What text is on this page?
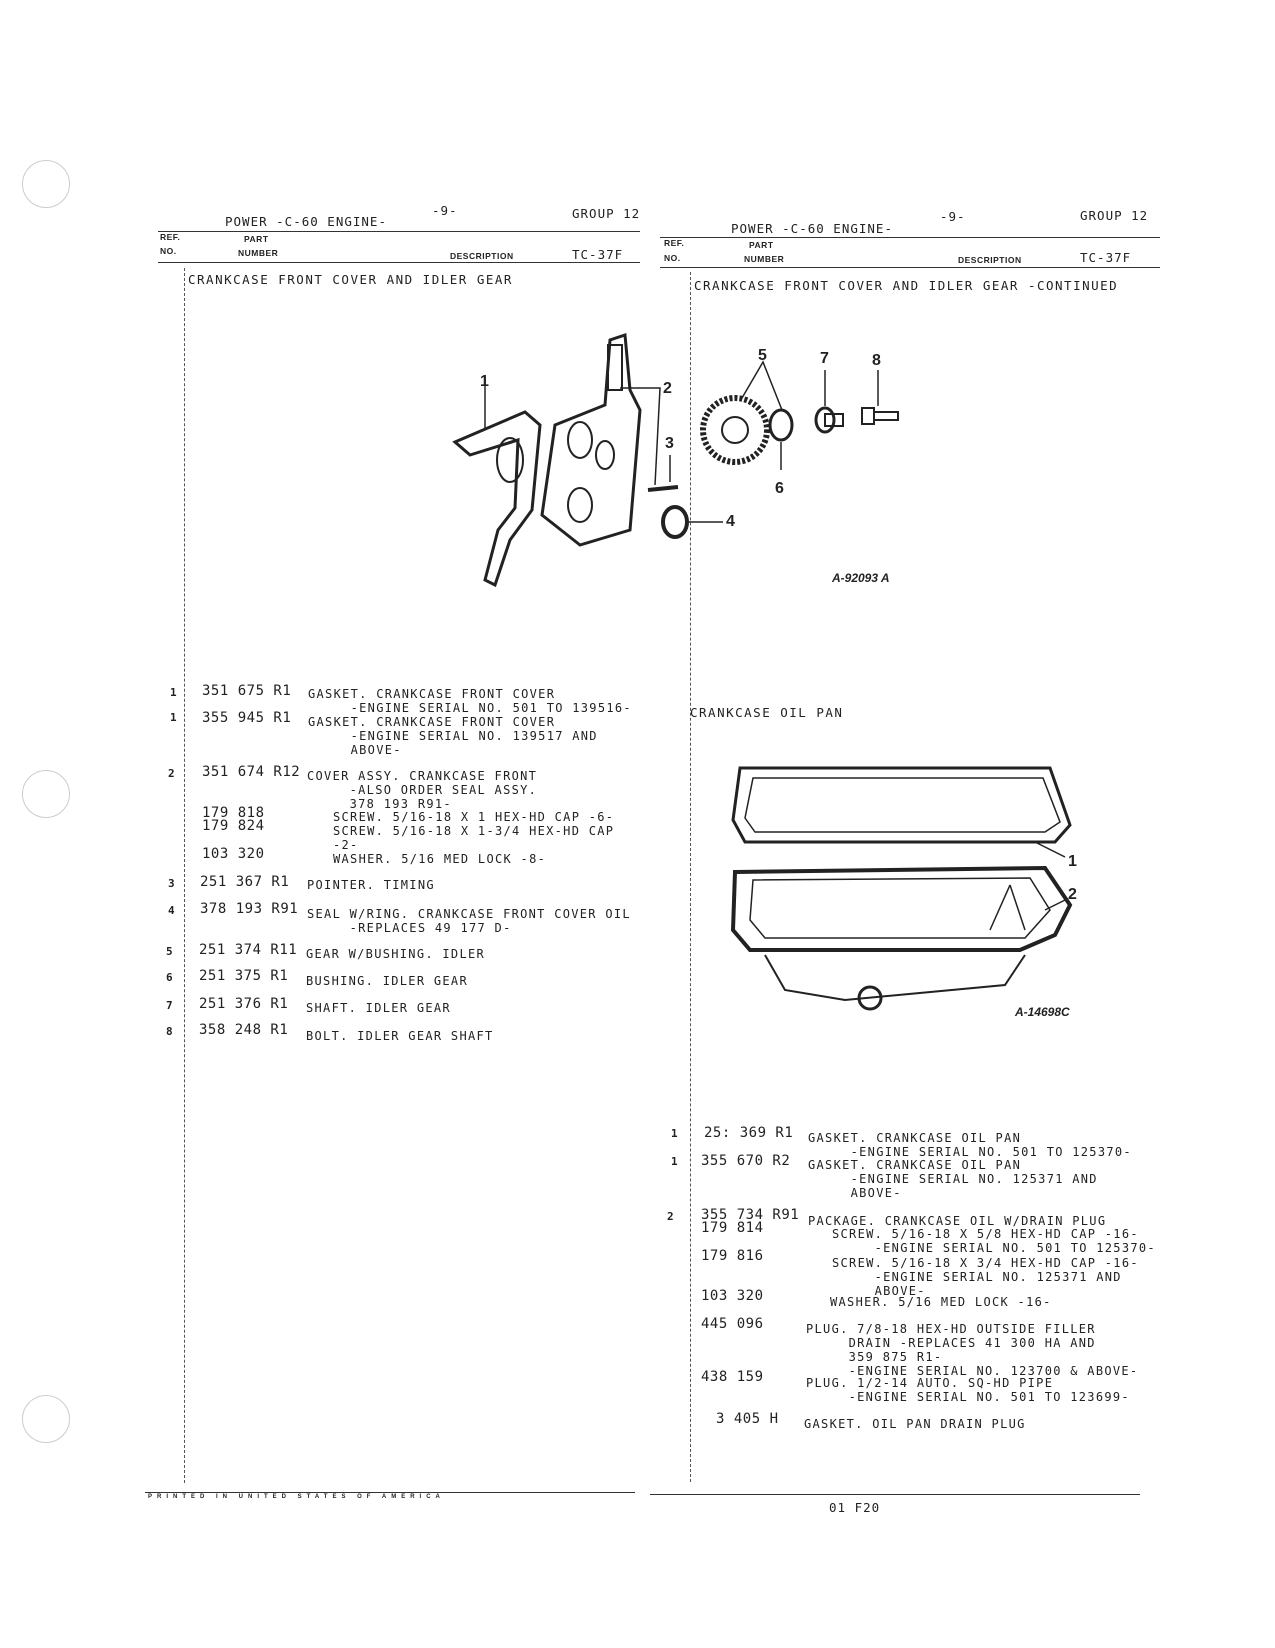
POWER -C-60 ENGINE-
-9-	GROUP 12
REF.
NO.
PART
NUMBER	DESCRIPTION	TC-37F
CRANKCASE FRONT COVER AND IDLER GEAR
1	2
3
4
5
6
7	8
A-92093 A
1 351 675 R1 GASKET. CRANKCASE FRONT COVER
-ENGINE SERIAL NO. 501 TO 139516-
1 355 945 R1 GASKET. CRANKCASE FRONT COVER
-ENGINE SERIAL NO. 139517 AND
ABOVE-
2 351 674 R12 COVER ASSY. CRANKCASE FRONT
-ALSO ORDER SEAL ASSY.
378 193 R91-
179 818	SCREW. 5/16-18 X 1 HEX-HD CAP -6-
179 824	SCREW. 5/16-18 X 1-3/4 HEX-HD CAP
-2-
103 320	WASHER. 5/16 MED LOCK -8-
3 251 367 R1 POINTER. TIMING
4 378 193 R91 SEAL W/RING. CRANKCASE FRONT COVER OIL
-REPLACES 49 177 D-
5 251 374 R11 GEAR W/BUSHING. IDLER
6 251 375 R1 BUSHING. IDLER GEAR
7 251 376 R1 SHAFT. IDLER GEAR
8 358 248 R1 BOLT. IDLER GEAR SHAFT
POWER -C-60 ENGINE-
-9-	GROUP 12
REF.
NO.
PART
NUMBER	DESCRIPTION	TC-37F
CRANKCASE FRONT COVER AND IDLER GEAR -CONTINUED
CRANKCASE OIL PAN
1
2
A-14698C
1 25: 369 R1 GASKET. CRANKCASE OIL PAN
-ENGINE SERIAL NO. 501 TO 125370-
1 355 670 R2 GASKET. CRANKCASE OIL PAN
-ENGINE SERIAL NO. 125371 AND
ABOVE-
2 355 734 R91 PACKAGE. CRANKCASE OIL W/DRAIN PLUG
179 814	SCREW. 5/16-18 X 5/8 HEX-HD CAP -16-
-ENGINE SERIAL NO. 501 TO 125370-
179 816	SCREW. 5/16-18 X 3/4 HEX-HD CAP -16-
-ENGINE SERIAL NO. 125371 AND
ABOVE-
103 320	WASHER. 5/16 MED LOCK -16-
445 096	PLUG. 7/8-18 HEX-HD OUTSIDE FILLER
DRAIN -REPLACES 41 300 HA AND
359 875 R1-
-ENGINE SERIAL NO. 123700 & ABOVE-
438 159	PLUG. 1/2-14 AUTO. SQ-HD PIPE
-ENGINE SERIAL NO. 501 TO 123699-
3 405 H GASKET. OIL PAN DRAIN PLUG
PRINTED IN UNITED STATES OF AMERICA
01 F20
